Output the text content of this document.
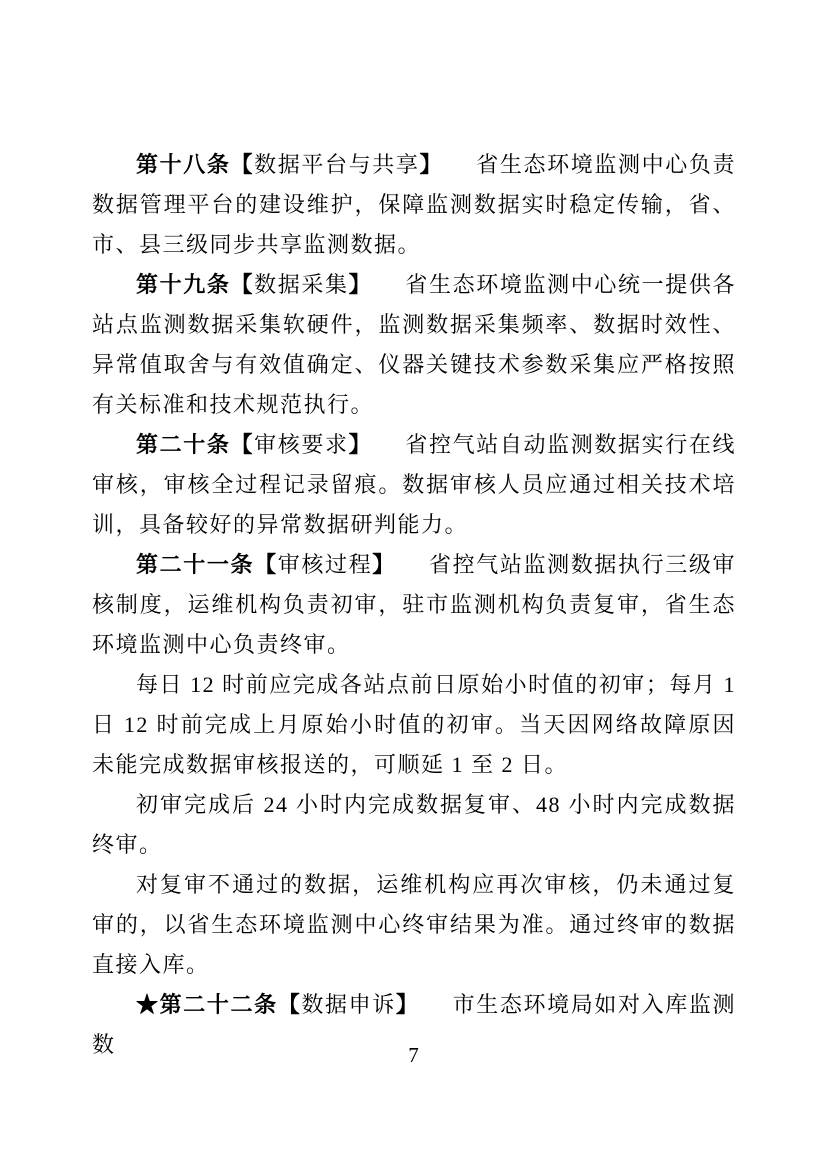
第十八条【数据平台与共享】 省生态环境监测中心负责数据管理平台的建设维护，保障监测数据实时稳定传输，省、市、县三级同步共享监测数据。

第十九条【数据采集】 省生态环境监测中心统一提供各站点监测数据采集软硬件，监测数据采集频率、数据时效性、异常值取舍与有效值确定、仪器关键技术参数采集应严格按照有关标准和技术规范执行。

第二十条【审核要求】 省控气站自动监测数据实行在线审核，审核全过程记录留痕。数据审核人员应通过相关技术培训，具备较好的异常数据研判能力。

第二十一条【审核过程】 省控气站监测数据执行三级审核制度，运维机构负责初审，驻市监测机构负责复审，省生态环境监测中心负责终审。

每日 12 时前应完成各站点前日原始小时值的初审；每月 1 日 12 时前完成上月原始小时值的初审。当天因网络故障原因未能完成数据审核报送的，可顺延 1 至 2 日。

初审完成后 24 小时内完成数据复审、48 小时内完成数据终审。

对复审不通过的数据，运维机构应再次审核，仍未通过复审的，以省生态环境监测中心终审结果为准。通过终审的数据直接入库。

★第二十二条【数据申诉】 市生态环境局如对入库监测数	7
